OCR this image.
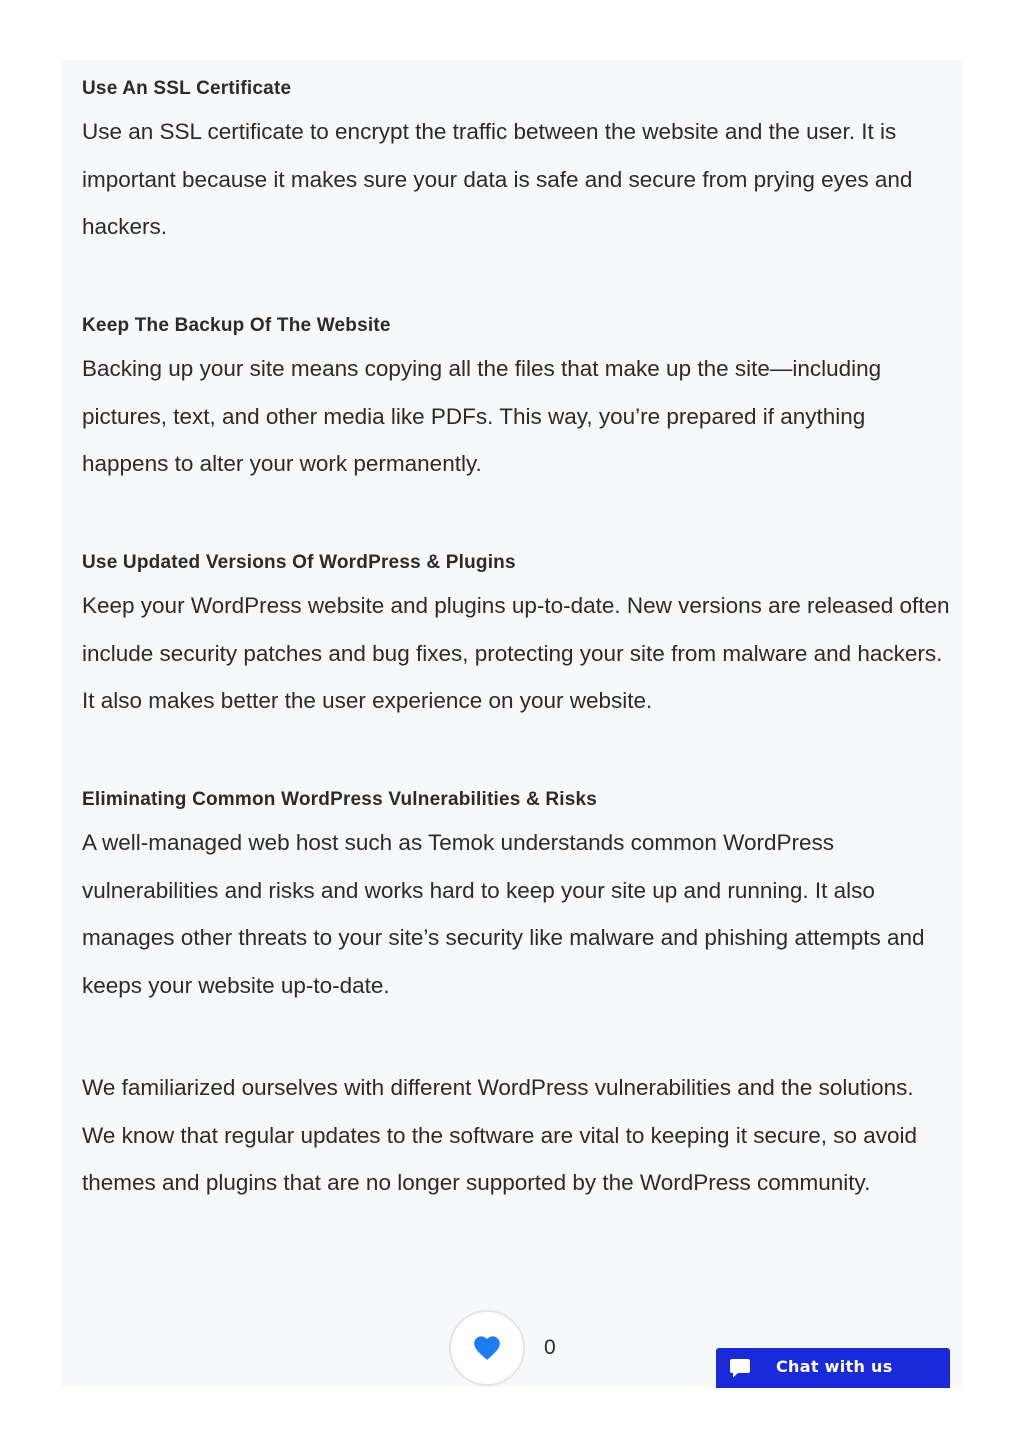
Use An SSL Certificate

Use an SSL certificate to encrypt the traffic between the website and the user. It is important because it makes sure your data is safe and secure from prying eyes and hackers.

Keep The Backup Of The Website

Backing up your site means copying all the files that make up the site—including pictures, text, and other media like PDFs. This way, you’re prepared if anything happens to alter your work permanently.

Use Updated Versions Of WordPress & Plugins

Keep your WordPress website and plugins up-to-date. New versions are released often include security patches and bug fixes, protecting your site from malware and hackers. It also makes better the user experience on your website.

Eliminating Common WordPress Vulnerabilities & Risks

A well-managed web host such as Temok understands common WordPress vulnerabilities and risks and works hard to keep your site up and running. It also manages other threats to your site’s security like malware and phishing attempts and keeps your website up-to-date.

We familiarized ourselves with different WordPress vulnerabilities and the solutions. We know that regular updates to the software are vital to keeping it secure, so avoid themes and plugins that are no longer supported by the WordPress community.

0
Chat with us
